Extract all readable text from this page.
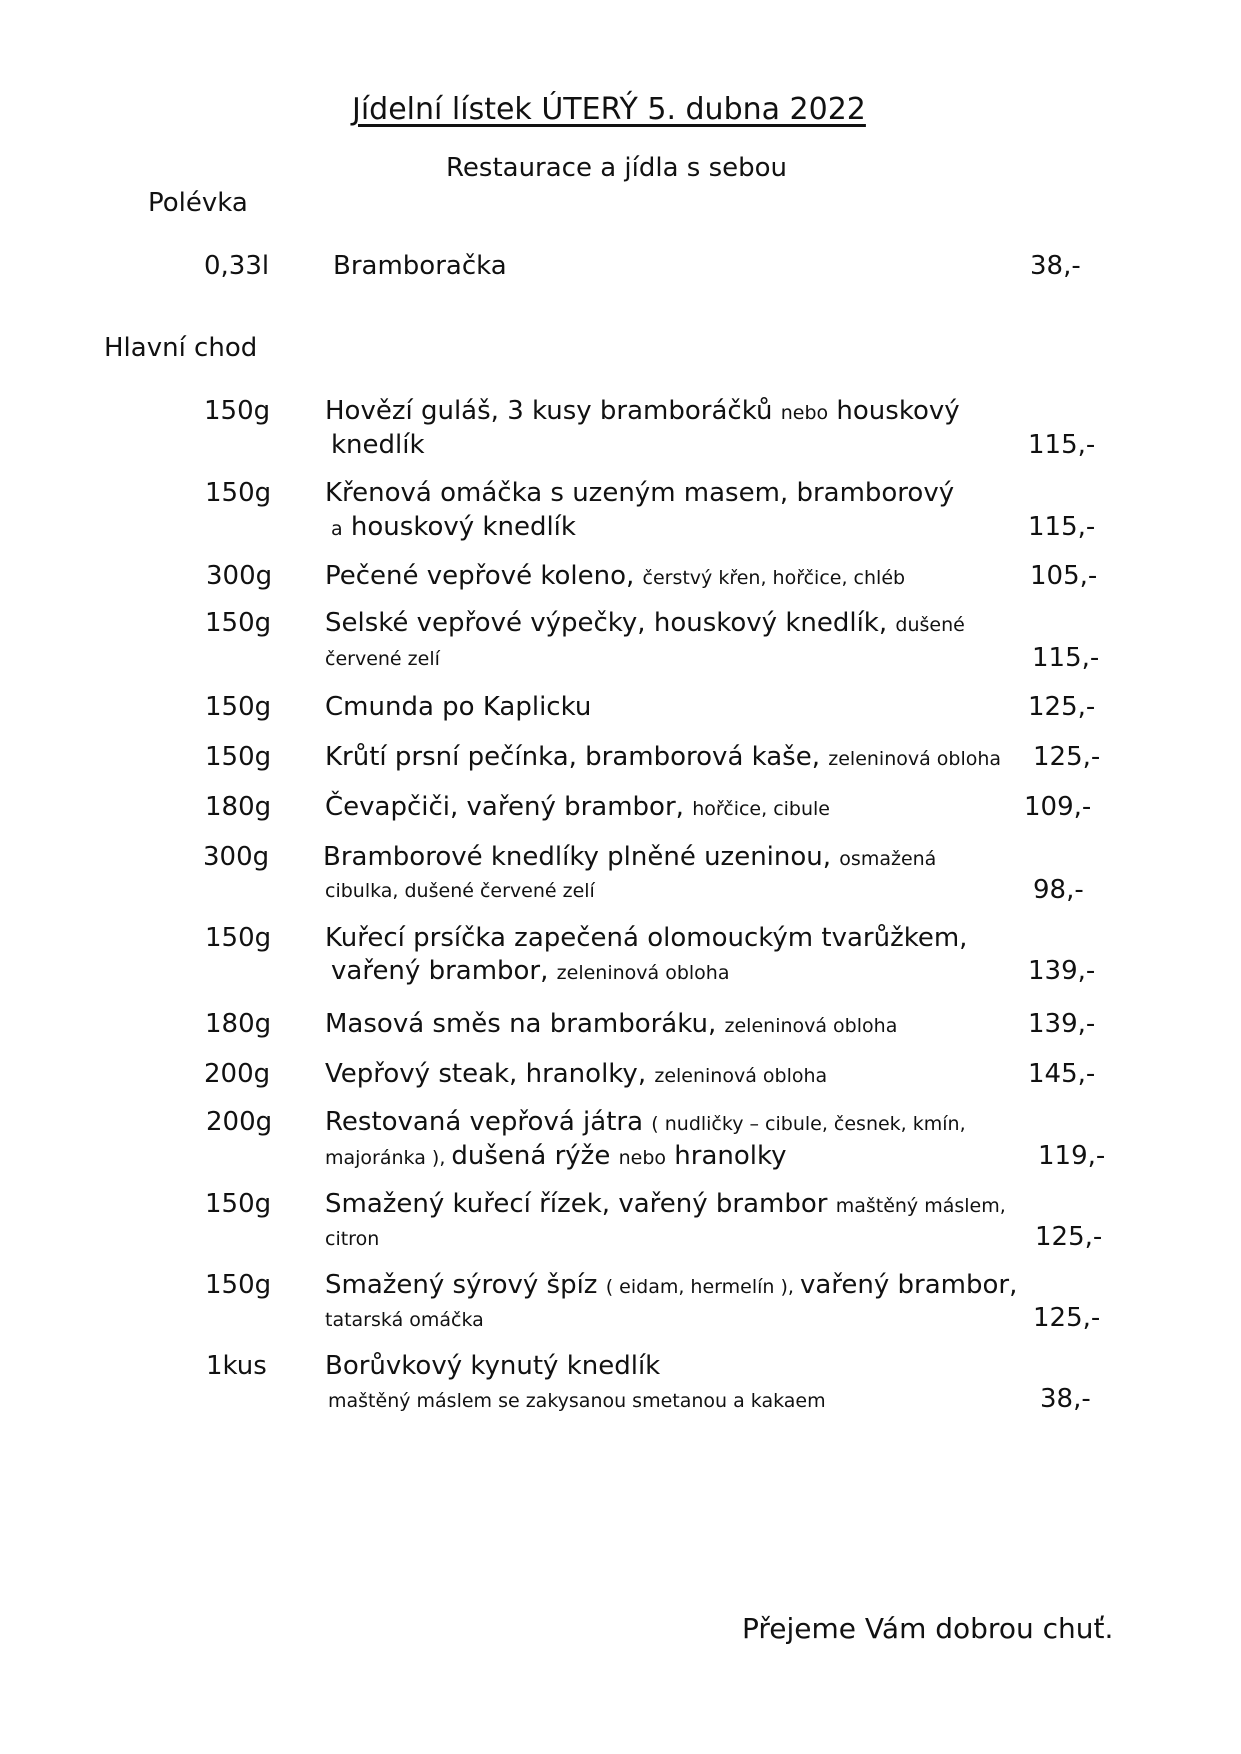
Jídelní lístek ÚTERÝ 5. dubna 2022
Restaurace a jídla s sebou
Polévka
Hlavní chod
0,33l Bramboračka	38,-
150g Hovězí guláš, 3 kusy bramboráčků nebo houskový
knedlík	115,-
150g Křenová omáčka s uzeným masem, bramborový
a houskový knedlík	115,-
300g Pečené vepřové koleno, čerstvý křen, hořčice, chléb	105,-
150g Selské vepřové výpečky, houskový knedlík, dušené
červené zelí	115,-
150g Cmunda po Kaplicku	125,-
150g Krůtí prsní pečínka, bramborová kaše, zeleninová obloha 125,-
180g Čevapčiči, vařený brambor, hořčice, cibule	109,-
300g Bramborové knedlíky plněné uzeninou, osmažená
cibulka, dušené červené zelí	98,-
150g Kuřecí prsíčka zapečená olomouckým tvarůžkem,
vařený brambor, zeleninová obloha	139,-
180g Masová směs na bramboráku, zeleninová obloha	139,-
200g Vepřový steak, hranolky, zeleninová obloha	145,-
200g Restovaná vepřová játra ( nudličky – cibule, česnek, kmín,
majoránka ), dušená rýže nebo hranolky	119,-
150g Smažený kuřecí řízek, vařený brambor maštěný máslem,
citron	125,-
150g Smažený sýrový špíz ( eidam, hermelín ), vařený brambor,
tatarská omáčka	125,-
1kus Borůvkový kynutý knedlík
maštěný máslem se zakysanou smetanou a kakaem	38,-
Přejeme Vám dobrou chuť.
